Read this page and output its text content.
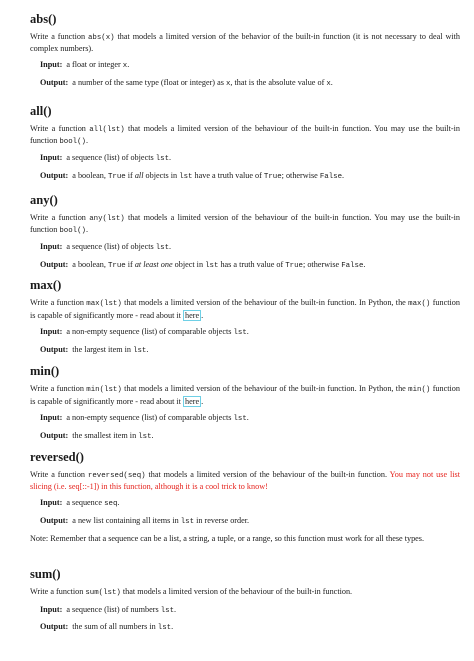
abs()

Write a function abs(x) that models a limited version of the behavior of the built-in function (it is not necessary to deal with complex numbers).

Input: a float or integer x.

Output: a number of the same type (float or integer) as x, that is the absolute value of x.

all()

Write a function all(lst) that models a limited version of the behaviour of the built-in function. You may use the built-in function bool().

Input: a sequence (list) of objects lst.

Output: a boolean, True if all objects in lst have a truth value of True; otherwise False.

any()

Write a function any(lst) that models a limited version of the behaviour of the built-in function. You may use the built-in function bool().

Input: a sequence (list) of objects lst.

Output: a boolean, True if at least one object in lst has a truth value of True; otherwise False.

max()

Write a function max(lst) that models a limited version of the behaviour of the built-in function. In Python, the max() function is capable of significantly more - read about it here .

Input: a non-empty sequence (list) of comparable objects lst.

Output: the largest item in lst.

min()

Write a function min(lst) that models a limited version of the behaviour of the built-in function. In Python, the min() function is capable of significantly more - read about it here .

Input: a non-empty sequence (list) of comparable objects lst.

Output: the smallest item in lst.

reversed()

Write a function reversed(seq) that models a limited version of the behaviour of the built-in function. You may not use list slicing (i.e. seq[::-1]) in this function, although it is a cool trick to know!

Input: a sequence seq.

Output: a new list containing all items in lst in reverse order.

Note: Remember that a sequence can be a list, a string, a tuple, or a range, so this function must work for all these types.

sum()

Write a function sum(lst) that models a limited version of the behaviour of the built-in function.

Input: a sequence (list) of numbers lst.

Output: the sum of all numbers in lst.
